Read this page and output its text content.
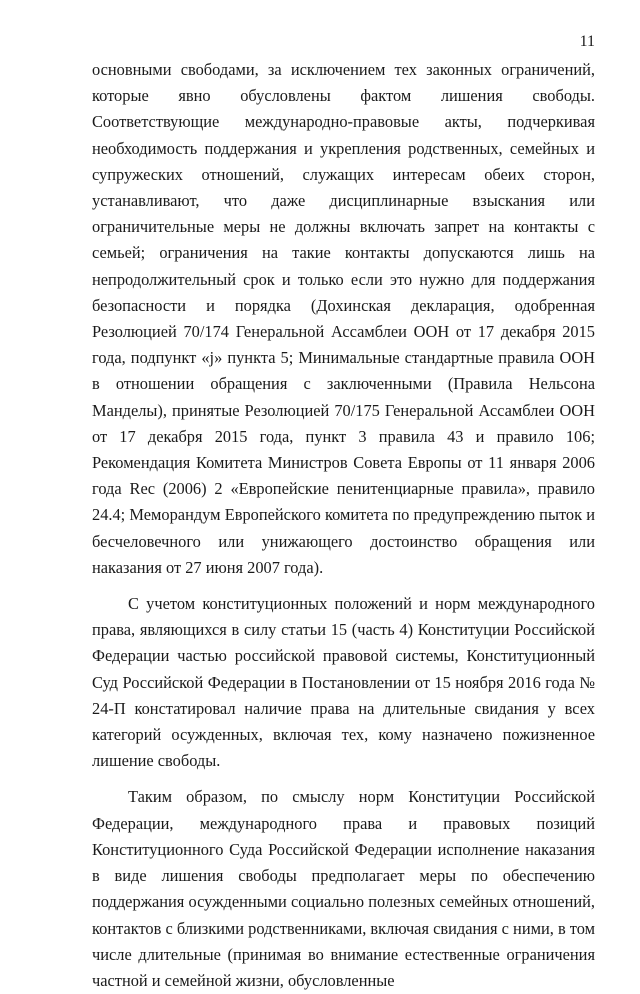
11

основными свободами, за исключением тех законных ограничений, которые явно обусловлены фактом лишения свободы. Соответствующие международно-правовые акты, подчеркивая необходимость поддержания и укрепления родственных, семейных и супружеских отношений, служащих интересам обеих сторон, устанавливают, что даже дисциплинарные взыскания или ограничительные меры не должны включать запрет на контакты с семьей; ограничения на такие контакты допускаются лишь на непродолжительный срок и только если это нужно для поддержания безопасности и порядка (Дохинская декларация, одобренная Резолюцией 70/174 Генеральной Ассамблеи ООН от 17 декабря 2015 года, подпункт «j» пункта 5; Минимальные стандартные правила ООН в отношении обращения с заключенными (Правила Нельсона Манделы), принятые Резолюцией 70/175 Генеральной Ассамблеи ООН от 17 декабря 2015 года, пункт 3 правила 43 и правило 106; Рекомендация Комитета Министров Совета Европы от 11 января 2006 года Rec (2006) 2 «Европейские пенитенциарные правила», правило 24.4; Меморандум Европейского комитета по предупреждению пыток и бесчеловечного или унижающего достоинство обращения или наказания от 27 июня 2007 года).

С учетом конституционных положений и норм международного права, являющихся в силу статьи 15 (часть 4) Конституции Российской Федерации частью российской правовой системы, Конституционный Суд Российской Федерации в Постановлении от 15 ноября 2016 года № 24-П констатировал наличие права на длительные свидания у всех категорий осужденных, включая тех, кому назначено пожизненное лишение свободы.

Таким образом, по смыслу норм Конституции Российской Федерации, международного права и правовых позиций Конституционного Суда Российской Федерации исполнение наказания в виде лишения свободы предполагает меры по обеспечению поддержания осужденными социально полезных семейных отношений, контактов с близкими родственниками, включая свидания с ними, в том числе длительные (принимая во внимание естественные ограничения частной и семейной жизни, обусловленные
